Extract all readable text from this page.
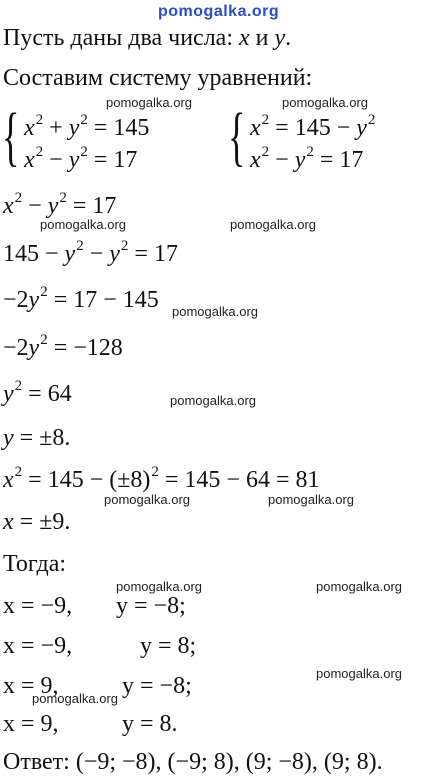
pomogalka.org
Пусть даны два числа: x и y.
Составим систему уравнений:
{ $x^2 + y^2 = 145$
$x^2 - y^2 = 17$ { $x^2 = 145 - y^2$
$x^2 - y^2 = 17$
$x^2 - y^2 = 17$
$145 - y^2 - y^2 = 17$
$-2y^2 = 17 - 145$
$-2y^2 = -128$
$y^2 = 64$
y = ±8.
$x^2 = 145 - (\pm 8)^2 = 145 - 64 = 81$
x = ±9.
Тогда:
x = −9, y = −8;
x = −9,	y = 8;
x = 9,	y = −8;
x = 9,	y = 8.
Ответ: (−9; −8), (−9; 8), (9; −8), (9; 8).
pomogalka.org	pomogalka.org
pomogalka.org	pomogalka.org
pomogalka.org
pomogalka.org
pomogalka.org	pomogalka.org
pomogalka.org	pomogalka.org
pomogalka.org
pomogalka.org
